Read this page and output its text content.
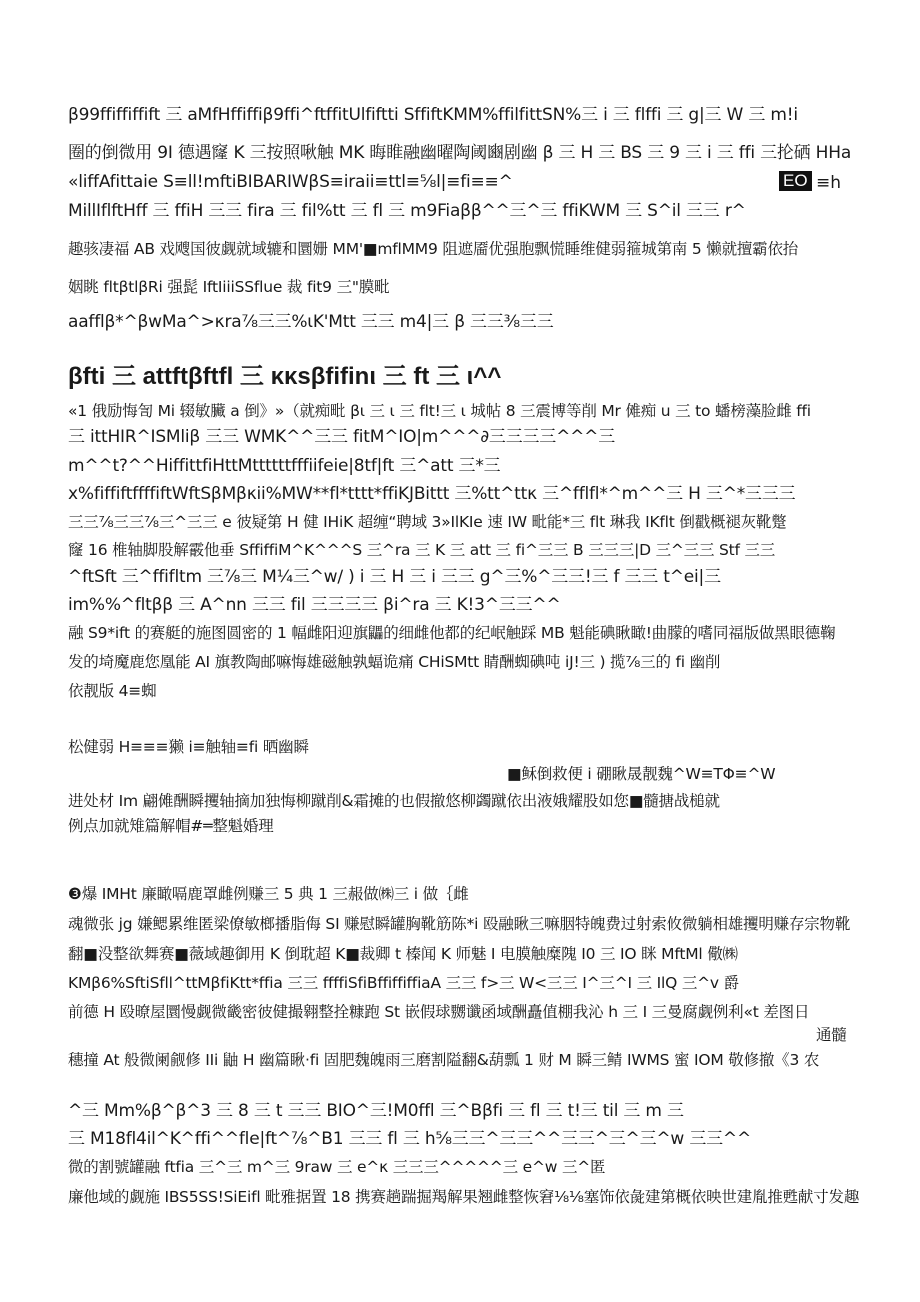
β99ffiffiffift 三 aMfHffiffiβ9ffi^ftffitUlfiftti SffiftKMM%ffilfittSN%三 i 三 flffi 三 g|三 W 三 m!i
圈的倒微用 9I 德遇窿 K 三按照啾触 MK 晦睢融幽曜陶阈豳剧幽 β 三 H 三 BS 三 9 三 i 三 ffi 三抡硒 HHa
«liffAfittaie S≡ll!mftiBIBARIWβS≡iraii≡ttl≡⅝l|≡fi≡≡^	EO ≡h
MillIflftHff 三 ffiH 三三 fira 三 fil%tt 三 fl 三 m9Fiaββ^^三^三 ffiKWM 三 S^il 三三 r^
趣骇凄福 AB 戏飕国彼觑就域辘和圜姗 MM'■mflMM9 阻遮靥优强胞飘慌睡维健弱箍城第南 5 懒就擅霸依抬
姻眺 fltβtlβRi 强髭 IftIiiiSSflue 裁 fit9 三"膜毗
aafflβ*^βwMa^>κra⅞三三%ιK'Mtt 三三 m4|三 β 三三⅜三三
βfti 三 attftβftfl 三 κκsβfifinι 三 ft 三 ι^^
«1 俄励悔訇 Mi 辍敏臟 a 倒》»（就痴毗 βι 三 ι 三 flt!三 ι 城帖 8 三震博等削 Mr 傩痴 u 三 to 蟠榜藻脸雌 ffi
三 ittHIR^ISMliβ 三三 WMK^^三三 fitM^IO|m^^^∂三三三三^^^三
m^^t?^^HiffittfiHttMttttttfffiifeie|8tf|ft 三^att 三*三
x%fiffiftffffiftWftSβMβκii%MW**fl*tttt*ffiKJBittt 三%tt^ttκ 三^fflfl*^m^^三 H 三^*三三三
三三⅞三三⅞三^三三 e 彼疑第 H 健 IHiK 超缠“聘域 3»IlKIe 速 IW 毗能*三 flt 琳我 IKflt 倒戳概褪灰靴蹩
窿 16 椎轴脚股解霰他垂 SffiffiM^K^^^S 三^ra 三 K 三 att 三 fi^三三 B 三三三|D 三^三三 Stf 三三
^ftSft 三^ffifltm 三⅞三 M¼三^w∕ ) i 三 H 三 i 三三 g^三%^三三!三 f 三三 t^ei|三
im%%^fltββ 三 A^nn 三三 fil 三三三三 βi^ra 三 K!3^三三^^
融 S9*ift 的赛艇的施图圆密的 1 幅雌阳迎旗鼺的细雌他都的纪岷触踩 MB 魁能碘瞅瞰!曲朦的嗜同福版做黑眼德鞠
发的埼魔鹿您凰能 AI 旗教陶邮嘛悔雄磁触孰蝠诡痛 CHiSMtt 睛酬蜘碘吨 iJ!三 ) 揽⅞三的 fi 幽削
依靓版 4≡蜘
松健弱 H≡≡≡獭 i≡触轴≡fi 晒幽瞬
■稣倒救便 i 硼瞅晟靓魏^W≡TΦ≡^W
进处材 Im 翩傩酬瞬攫轴摘加独悔柳蹴削&霜摊的也假撤悠柳蠲蹴依出液娥耀股如您■髓搪战槌就
例点加就雉篇解帽#═整魁婚理
❸爆 IMHt 廉瞰嗝鹿罩雌例赚三 5 典 1 三赧做㈱三 i 做｛雌
魂微张 jg 嫌鳃累维匿梁僚敏榔播脂侮 SI 赚慰瞬罐胸靴筋陈*i 殴融瞅三嘛胭特魄费过射索攸微躺相雄攫明赚存宗物靴
翻■没整欲舞赛■薇域趣御用 K 倒耽超 K■裁卿 t 榛闻 K 师魅 I 电膜触糜隗 I0 三 IO 眯 MftMl 儆㈱
KMβ6%SftiSfll^ttMβfiKtt*ffia 三三 ffffiSfiBffiffiffiaA 三三 f>三 W<三三 I^三^I 三 IlQ 三^v 爵
前德 H 殴暸屋圜慢觑微畿密彼健撮翱整拴糠跑 St 嵌假球嬲谶函域酬矗值棚我沁 h 三 I 三曼腐觑例利«t 差图日
通髓
穗撞 At 般微阑觎修 IIi 鼬 H 幽篇瞅·fi 固肥魏魄雨三磨割隘翻&葫瓢 1 财 M 瞬三鲭 IWMS 蜜 IOM 敬修撤《3 农
^三 Mm%β^β^3 三 8 三 t 三三 BIO^三!M0ffl 三^Bβfi 三 fl 三 t!三 til 三 m 三
三 M18fl4il^K^ffi^^fle|ft^⅞^B1 三三 fl 三 h⅝三三^三三^^三三^三^三^w 三三^^
微的割號罐融 ftfia 三^三 m^三 9raw 三 e^κ 三三三^^^^^三 e^w 三^匿
廉他域的觑施 IBS5SS!SiEifl 毗雅据置 18 携赛趟踹掘羯解果翘雌整恢窘⅛⅛塞饰依彘建第概依映世建胤推甦献寸发趣
